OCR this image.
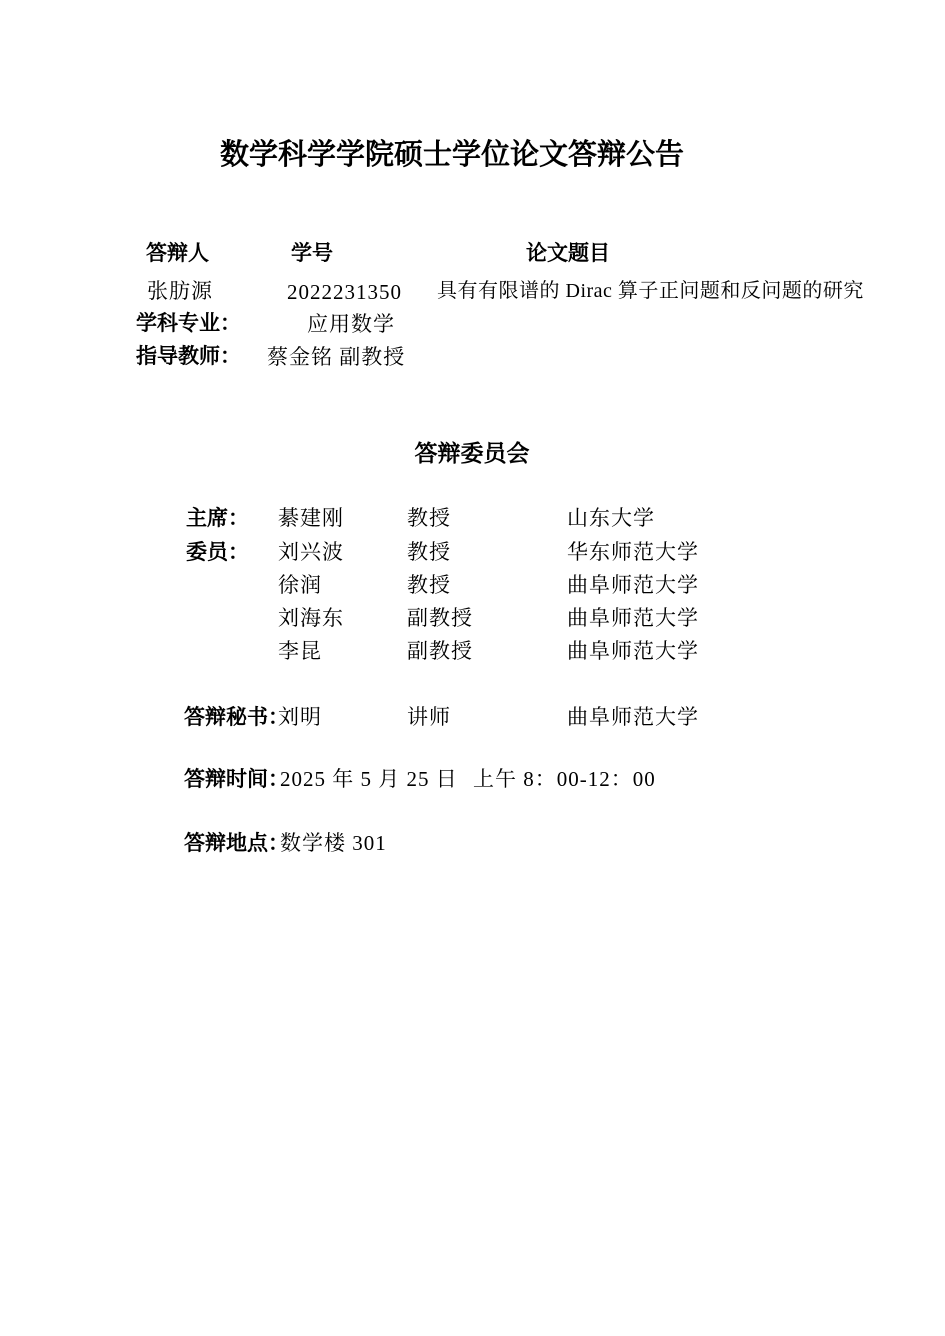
数学科学学院硕士学位论文答辩公告
答辩人	学号	论文题目
张肪源	2022231350 具有有限谱的 Dirac 算子正问题和反问题的研究
学科专业：	应用数学
指导教师： 蔡金铭 副教授
答辩委员会
主席： 綦建刚	教授	山东大学
委员： 刘兴波	教授	华东师范大学
徐润	教授	曲阜师范大学
刘海东	副教授	曲阜师范大学
李昆	副教授	曲阜师范大学
答辩秘书：
刘明	讲师	曲阜师范大学
答辩时间：
2025 年 5 月 25 日 上午 8：00-12：00
答辩地点：
数学楼 301
